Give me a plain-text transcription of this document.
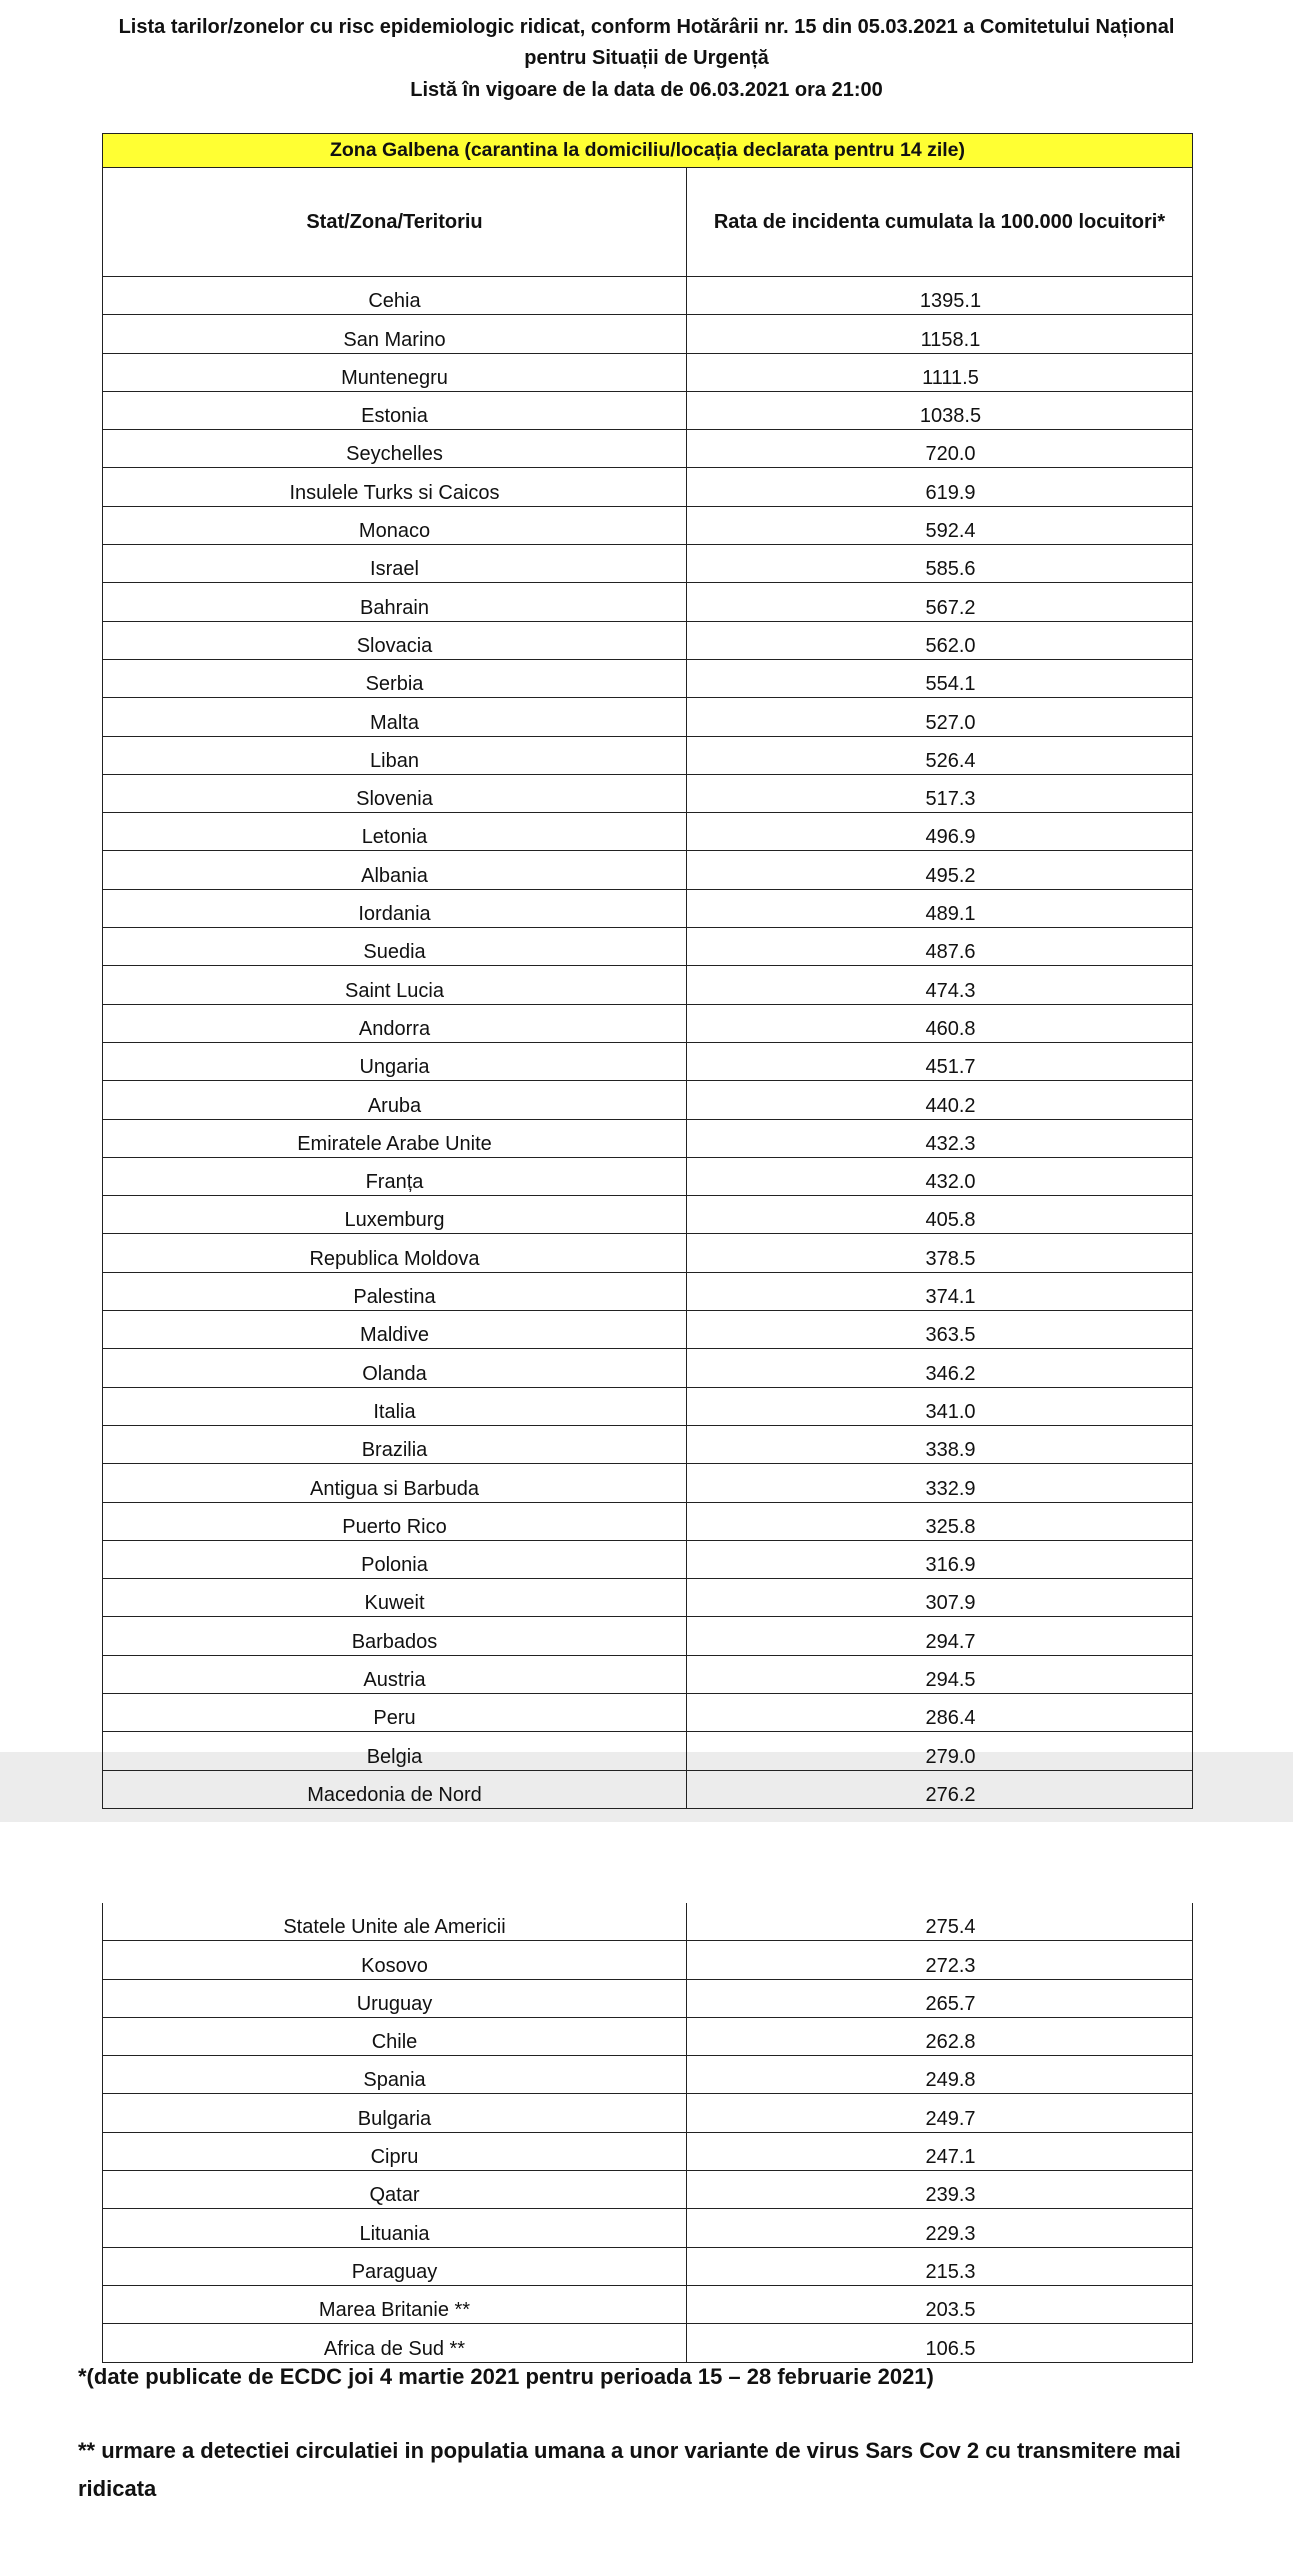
Lista tarilor/zonelor cu risc epidemiologic ridicat, conform Hotărârii nr. 15 din 05.03.2021 a Comitetului Național
pentru Situații de Urgență
Listă în vigoare de la data de 06.03.2021 ora 21:00
Zona Galbena (carantina la domiciliu/locația declarata pentru 14 zile)	
Stat/Zona/Teritoriu	Rata de incidenta cumulata la 100.000 locuitori*
Cehia	1395.1
San Marino	1158.1
Muntenegru	1111.5
Estonia	1038.5
Seychelles	720.0
Insulele Turks si Caicos	619.9
Monaco	592.4
Israel	585.6
Bahrain	567.2
Slovacia	562.0
Serbia	554.1
Malta	527.0
Liban	526.4
Slovenia	517.3
Letonia	496.9
Albania	495.2
Iordania	489.1
Suedia	487.6
Saint Lucia	474.3
Andorra	460.8
Ungaria	451.7
Aruba	440.2
Emiratele Arabe Unite	432.3
Franța	432.0
Luxemburg	405.8
Republica Moldova	378.5
Palestina	374.1
Maldive	363.5
Olanda	346.2
Italia	341.0
Brazilia	338.9
Antigua si Barbuda	332.9
Puerto Rico	325.8
Polonia	316.9
Kuweit	307.9
Barbados	294.7
Austria	294.5
Peru	286.4
Belgia	279.0
Macedonia de Nord	276.2
Statele Unite ale Americii	275.4
Kosovo	272.3
Uruguay	265.7
Chile	262.8
Spania	249.8
Bulgaria	249.7
Cipru	247.1
Qatar	239.3
Lituania	229.3
Paraguay	215.3
Marea Britanie **	203.5
Africa de Sud **	106.5
*(date publicate de ECDC joi 4 martie 2021 pentru perioada 15 – 28 februarie 2021)
** urmare a detectiei circulatiei in populatia umana a unor variante de virus Sars Cov 2 cu transmitere mai ridicata
